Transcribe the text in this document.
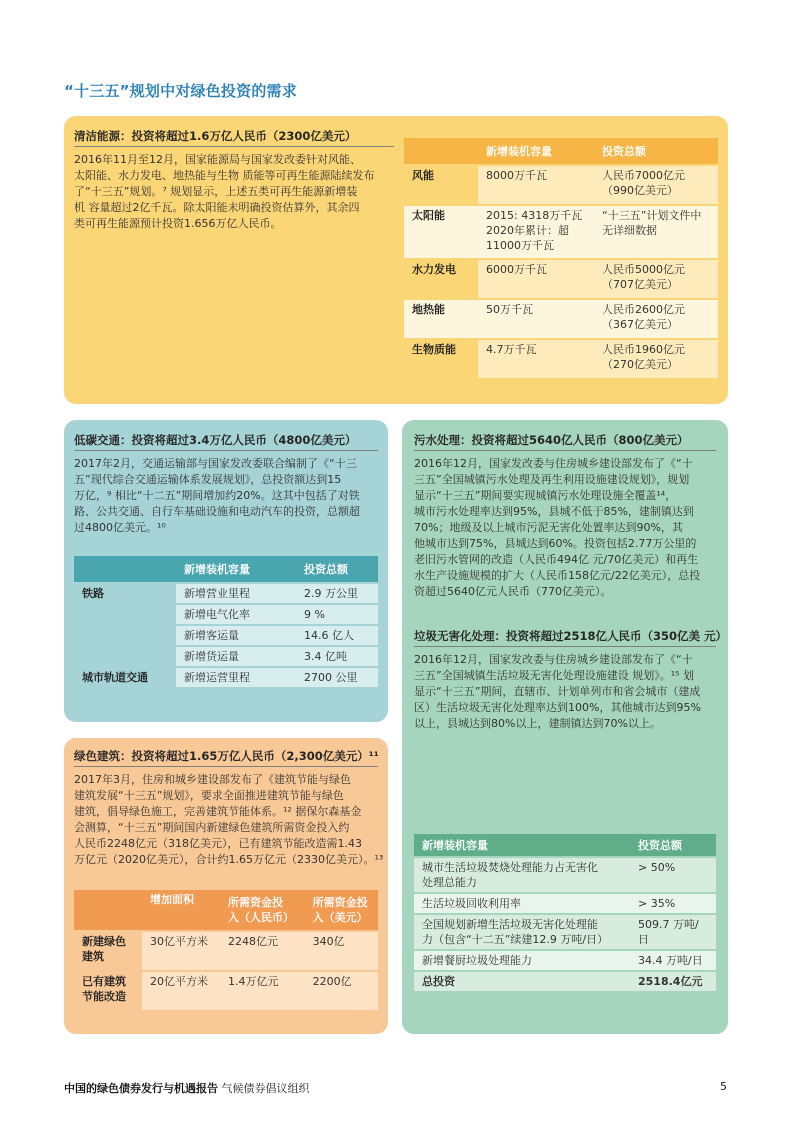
“十三五”规划中对绿色投资的需求
清洁能源：投资将超过1.6万亿人民币（2300亿美元）
2016年11月至12月，国家能源局与国家发改委针对风能、
太阳能、水力发电、地热能与生物 质能等可再生能源陆续发布
了“十三五”规划。⁷ 规划显示，上述五类可再生能源新增装
机 容量超过2亿千瓦。除太阳能未明确投资估算外，其余四
类可再生能源预计投资1.656万亿人民币。
	新增装机容量	投资总额
风能	8000万千瓦	人民币7000亿元
（990亿美元）
太阳能	2015: 4318万千瓦
2020年累计：超
11000万千瓦	“十三五”计划文件中
无详细数据
水力发电	6000万千瓦	人民币5000亿元
（707亿美元）
地热能	50万千瓦	人民币2600亿元
（367亿美元）
生物质能	4.7万千瓦	人民币1960亿元
（270亿美元）
低碳交通：投资将超过3.4万亿人民币（4800亿美元）
2017年2月，交通运输部与国家发改委联合编制了《“十三
五”现代综合交通运输体系发展规划》，总投资额达到15
万亿，⁹ 相比“十二五”期间增加约20%。这其中包括了对铁
路、公共交通、自行车基础设施和电动汽车的投资，总额超
过4800亿美元。¹⁰
	新增装机容量	投资总额
铁路	新增营业里程	2.9 万公里
	新增电气化率	9 %
	新增客运量	14.6 亿人
	新增货运量	3.4 亿吨
城市轨道交通	新增运营里程	2700 公里
绿色建筑：投资将超过1.65万亿人民币（2,300亿美元）¹¹
2017年3月，住房和城乡建设部发布了《建筑节能与绿色
建筑发展“十三五”规划》，要求全面推进建筑节能与绿色
建筑，倡导绿色施工，完善建筑节能体系。¹² 据保尔森基金
会测算，“十三五”期间国内新建绿色建筑所需资金投入约
人民币2248亿元（318亿美元），已有建筑节能改造需1.43
万亿元（2020亿美元），合计约1.65万亿元（2330亿美元）。¹³
	增加面积	所需资金投
入（人民币）	所需资金投
入（美元）
新建绿色
建筑	30亿平方米	2248亿元	340亿
已有建筑
节能改造	20亿平方米	1.4万亿元	2200亿
污水处理：投资将超过5640亿人民币（800亿美元）
2016年12月，国家发改委与住房城乡建设部发布了《“十
三五”全国城镇污水处理及再生利用设施建设规划》，规划
显示“十三五”期间要实现城镇污水处理设施全覆盖¹⁴，
城市污水处理率达到95%，县城不低于85%，建制镇达到
70%；地级及以上城市污泥无害化处置率达到90%，其
他城市达到75%，县城达到60%。投资包括2.77万公里的
老旧污水管网的改造（人民币494亿 元/70亿美元）和再生
水生产设施规模的扩大（人民币158亿元/22亿美元），总投
资超过5640亿元人民币（770亿美元）。
垃圾无害化处理：投资将超过2518亿人民币（350亿美 元）
2016年12月，国家发改委与住房城乡建设部发布了《“十
三五”全国城镇生活垃圾无害化处理设施建设 规划》。¹⁵ 划
显示“十三五”期间，直辖市、计划单列市和省会城市（建成
区）生活垃圾无害化处理率达到100%，其他城市达到95%
以上，县城达到80%以上，建制镇达到70%以上。
新增装机容量	投资总额
城市生活垃圾焚烧处理能力占无害化
处理总能力	> 50%
生活垃圾回收利用率	> 35%
全国规划新增生活垃圾无害化处理能
力（包含“十二五”续建12.9 万吨/日）	509.7 万吨/日
新增餐厨垃圾处理能力	34.4 万吨/日
总投资	2518.4亿元
中国的绿色债券发行与机遇报告 气候债券倡议组织	5
